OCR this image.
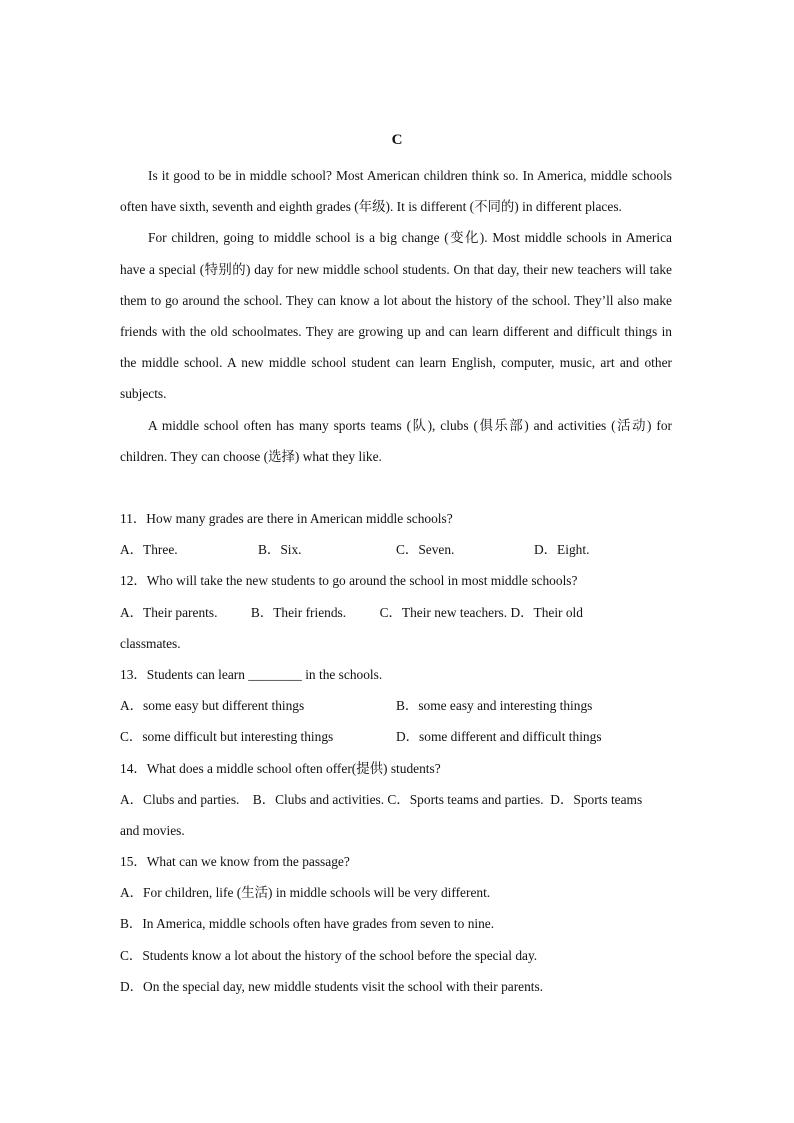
C

Is it good to be in middle school? Most American children think so. In America, middle schools often have sixth, seventh and eighth grades (年级). It is different (不同的) in different places.

For children, going to middle school is a big change (变化). Most middle schools in America have a special (特别的) day for new middle school students. On that day, their new teachers will take them to go around the school. They can know a lot about the history of the school. They’ll also make friends with the old schoolmates. They are growing up and can learn different and difficult things in the middle school. A new middle school student can learn English, computer, music, art and other subjects.

A middle school often has many sports teams (队), clubs (俱乐部) and activities (活动) for children. They can choose (选择) what they like.

11．How many grades are there in American middle schools?
A．Three.	B．Six.	C．Seven.	D．Eight.
12．Who will take the new students to go around the school in most middle schools?
A．Their parents.          B．Their friends.          C．Their new teachers. D．Their old
classmates.
13．Students can learn ________ in the schools.
A．some easy but different things	B．some easy and interesting things
C．some difficult but interesting things	D．some different and difficult things
14．What does a middle school often offer(提供) students?
A．Clubs and parties.    B．Clubs and activities. C．Sports teams and parties.  D．Sports teams
and movies.
15．What can we know from the passage?
A．For children, life (生活) in middle schools will be very different.
B．In America, middle schools often have grades from seven to nine.
C．Students know a lot about the history of the school before the special day.
D．On the special day, new middle students visit the school with their parents.
